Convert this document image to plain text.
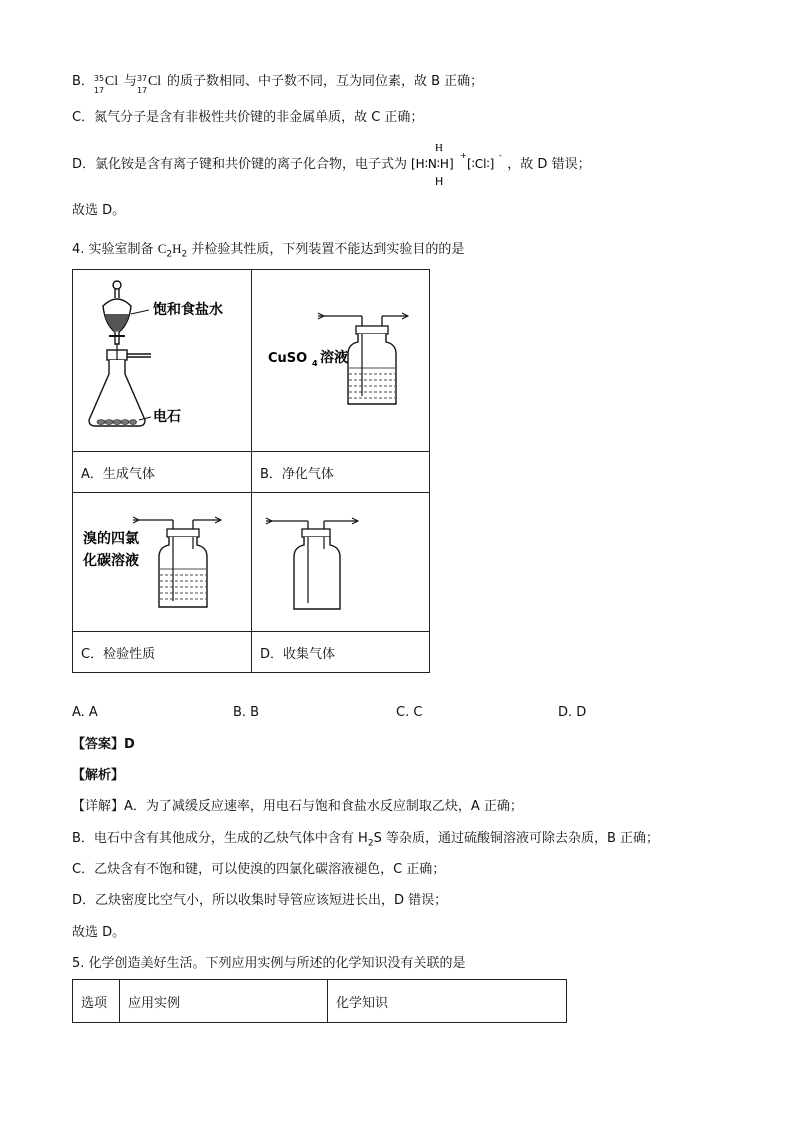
B． 35
17
Cl 与 37
17
Cl 的质子数相同、中子数不同，互为同位素，故 B 正确；
C．氮气分子是含有非极性共价键的非金属单质，故 C 正确；
D．氯化铵是含有离子键和共价键的离子化合物，电子式为
H
H
[H∶N∶H]
+
[∶Cl∶]
-
，故 D 错误；
故选 D。
4. 实验室制备 $C_2H_2$ 并检验其性质，下列装置不能达到实验目的的是
饱和食盐水
电石	CuSO 4 溶液

A．生成气体	B．净化气体

溴的四氯
化碳溶液

C．检验性质	D．收集气体
A. A	B. B	C. C	D. D
【答案】D
【解析】
【详解】A．为了减缓反应速率，用电石与饱和食盐水反应制取乙炔，A 正确；
B．电石中含有其他成分，生成的乙炔气体中含有 $H_2S$ 等杂质，通过硫酸铜溶液可除去杂质，B 正确；
C．乙炔含有不饱和键，可以使溴的四氯化碳溶液褪色，C 正确；
D．乙炔密度比空气小，所以收集时导管应该短进长出，D 错误；
故选 D。
5. 化学创造美好生活。下列应用实例与所述的化学知识没有关联的是
选项	应用实例	化学知识
